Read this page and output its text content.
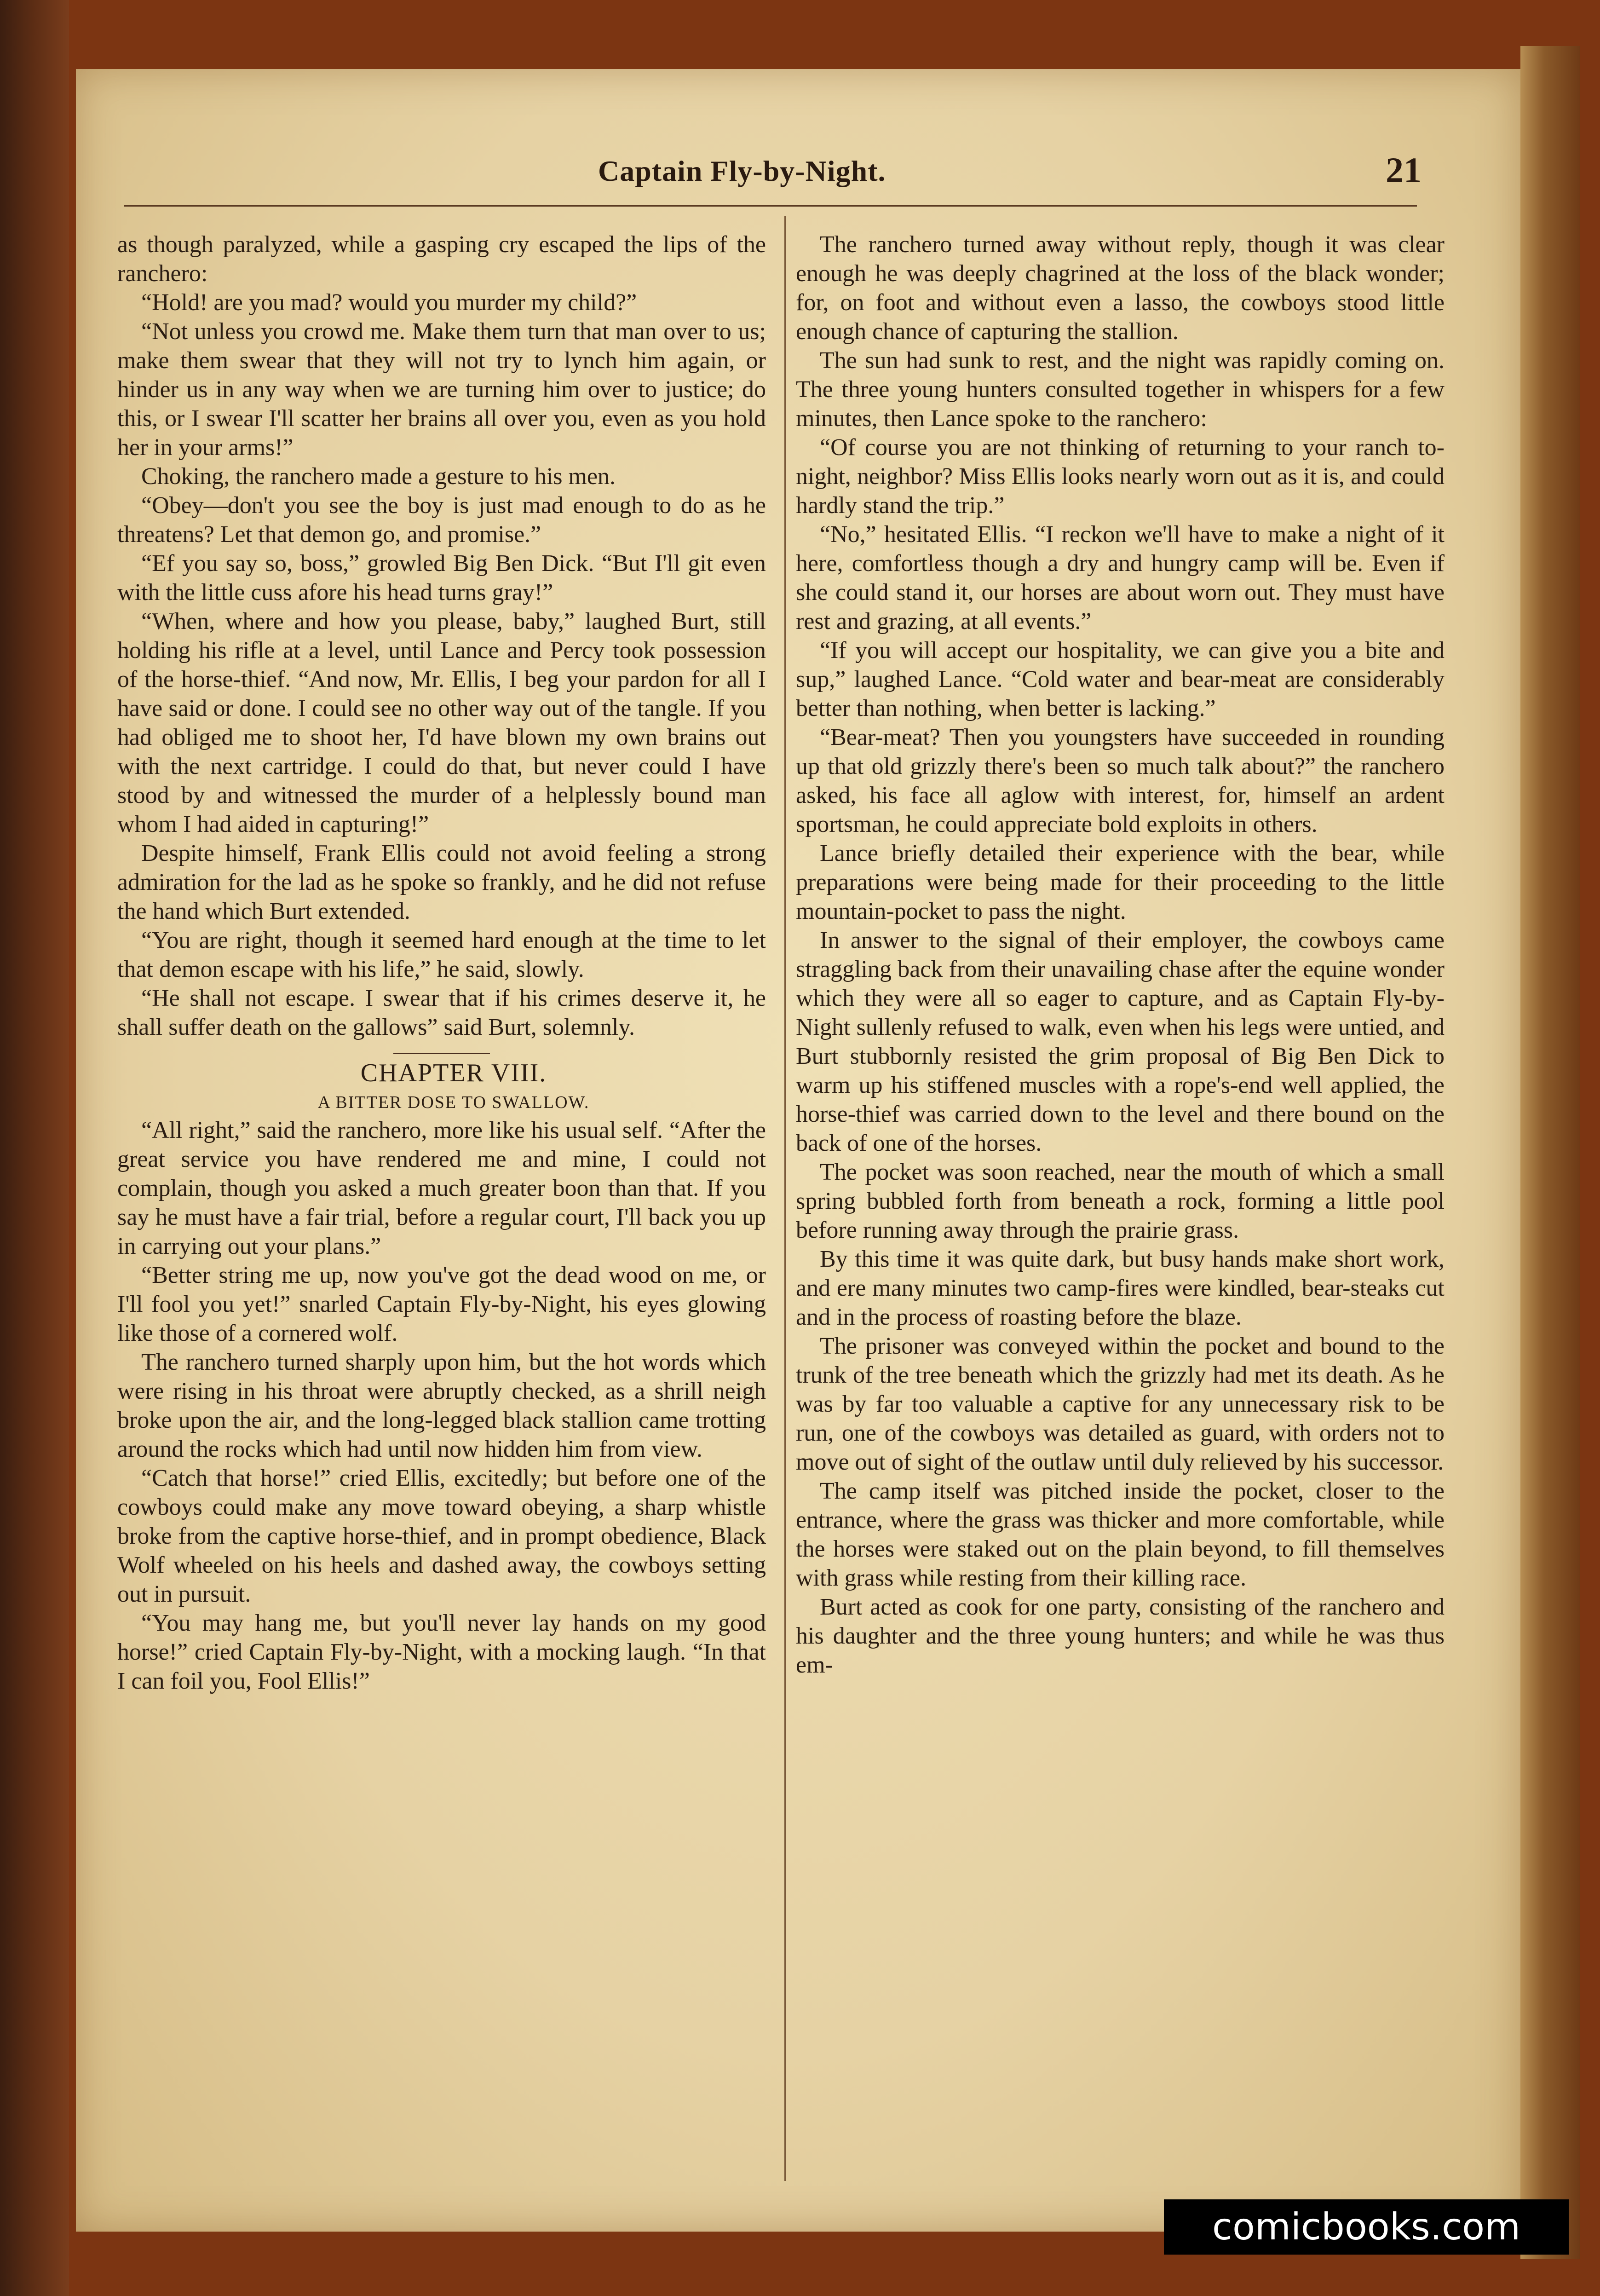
Captain Fly-by-Night.	21

as though paralyzed, while a gasping cry escaped the lips of the ranchero:

“Hold! are you mad? would you murder my child?”

“Not unless you crowd me. Make them turn that man over to us; make them swear that they will not try to lynch him again, or hinder us in any way when we are turning him over to justice; do this, or I swear I'll scatter her brains all over you, even as you hold her in your arms!”

Choking, the ranchero made a gesture to his men.

“Obey—don't you see the boy is just mad enough to do as he threatens? Let that demon go, and promise.”

“Ef you say so, boss,” growled Big Ben Dick. “But I'll git even with the little cuss afore his head turns gray!”

“When, where and how you please, baby,” laughed Burt, still holding his rifle at a level, until Lance and Percy took possession of the horse-thief. “And now, Mr. Ellis, I beg your pardon for all I have said or done. I could see no other way out of the tangle. If you had obliged me to shoot her, I'd have blown my own brains out with the next cartridge. I could do that, but never could I have stood by and witnessed the murder of a helplessly bound man whom I had aided in capturing!”

Despite himself, Frank Ellis could not avoid feeling a strong admiration for the lad as he spoke so frankly, and he did not refuse the hand which Burt extended.

“You are right, though it seemed hard enough at the time to let that demon escape with his life,” he said, slowly.

“He shall not escape. I swear that if his crimes deserve it, he shall suffer death on the gallows” said Burt, solemnly.

CHAPTER VIII.

A BITTER DOSE TO SWALLOW.

“All right,” said the ranchero, more like his usual self. “After the great service you have rendered me and mine, I could not complain, though you asked a much greater boon than that. If you say he must have a fair trial, before a regular court, I'll back you up in carrying out your plans.”

“Better string me up, now you've got the dead wood on me, or I'll fool you yet!” snarled Captain Fly-by-Night, his eyes glowing like those of a cornered wolf.

The ranchero turned sharply upon him, but the hot words which were rising in his throat were abruptly checked, as a shrill neigh broke upon the air, and the long-legged black stallion came trotting around the rocks which had until now hidden him from view.

“Catch that horse!” cried Ellis, excitedly; but before one of the cowboys could make any move toward obeying, a sharp whistle broke from the captive horse-thief, and in prompt obedience, Black Wolf wheeled on his heels and dashed away, the cowboys setting out in pursuit.

“You may hang me, but you'll never lay hands on my good horse!” cried Captain Fly-by-Night, with a mocking laugh. “In that I can foil you, Fool Ellis!”

The ranchero turned away without reply, though it was clear enough he was deeply chagrined at the loss of the black wonder; for, on foot and without even a lasso, the cowboys stood little enough chance of capturing the stallion.

The sun had sunk to rest, and the night was rapidly coming on. The three young hunters consulted together in whispers for a few minutes, then Lance spoke to the ranchero:

“Of course you are not thinking of returning to your ranch to-night, neighbor? Miss Ellis looks nearly worn out as it is, and could hardly stand the trip.”

“No,” hesitated Ellis. “I reckon we'll have to make a night of it here, comfortless though a dry and hungry camp will be. Even if she could stand it, our horses are about worn out. They must have rest and grazing, at all events.”

“If you will accept our hospitality, we can give you a bite and sup,” laughed Lance. “Cold water and bear-meat are considerably better than nothing, when better is lacking.”

“Bear-meat? Then you youngsters have succeeded in rounding up that old grizzly there's been so much talk about?” the ranchero asked, his face all aglow with interest, for, himself an ardent sportsman, he could appreciate bold exploits in others.

Lance briefly detailed their experience with the bear, while preparations were being made for their proceeding to the little mountain-pocket to pass the night.

In answer to the signal of their employer, the cowboys came straggling back from their unavailing chase after the equine wonder which they were all so eager to capture, and as Captain Fly-by-Night sullenly refused to walk, even when his legs were untied, and Burt stubbornly resisted the grim proposal of Big Ben Dick to warm up his stiffened muscles with a rope's-end well applied, the horse-thief was carried down to the level and there bound on the back of one of the horses.

The pocket was soon reached, near the mouth of which a small spring bubbled forth from beneath a rock, forming a little pool before running away through the prairie grass.

By this time it was quite dark, but busy hands make short work, and ere many minutes two camp-fires were kindled, bear-steaks cut and in the process of roasting before the blaze.

The prisoner was conveyed within the pocket and bound to the trunk of the tree beneath which the grizzly had met its death. As he was by far too valuable a captive for any unnecessary risk to be run, one of the cowboys was detailed as guard, with orders not to move out of sight of the outlaw until duly relieved by his successor.

The camp itself was pitched inside the pocket, closer to the entrance, where the grass was thicker and more comfortable, while the horses were staked out on the plain beyond, to fill themselves with grass while resting from their killing race.

Burt acted as cook for one party, consisting of the ranchero and his daughter and the three young hunters; and while he was thus em-

comicbooks.com
